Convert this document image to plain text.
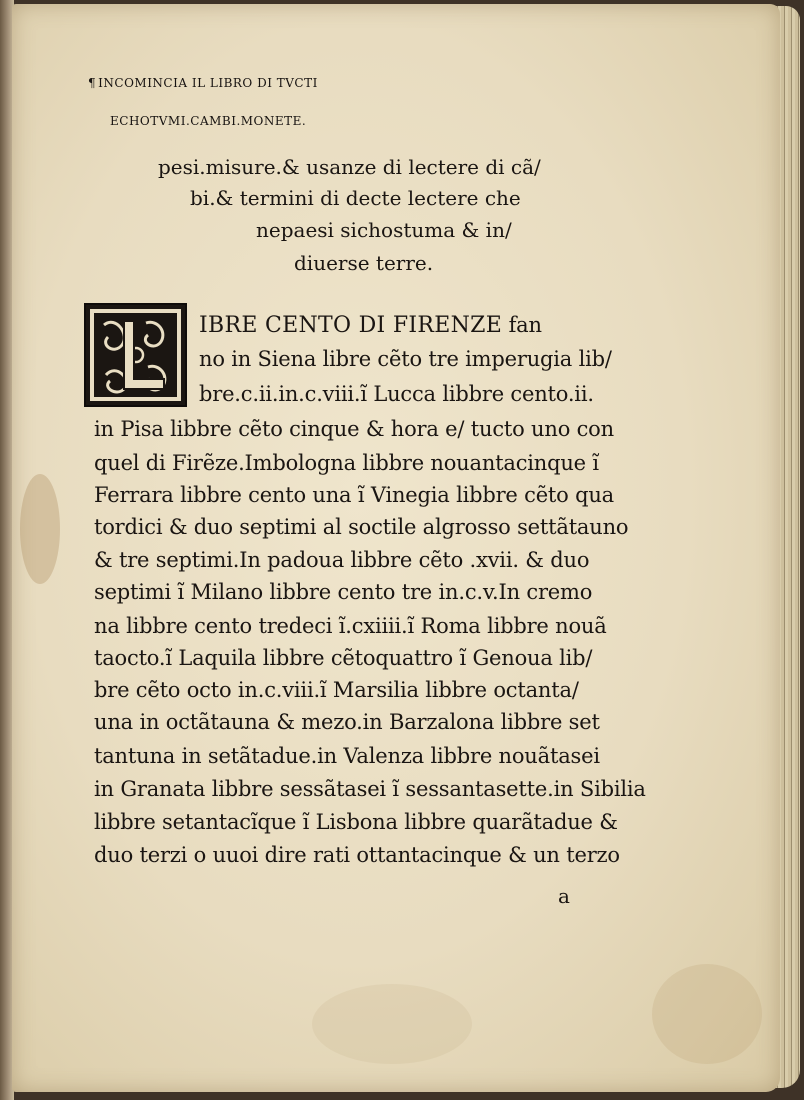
¶ INCOMINCIA IL LIBRO DI TVCTI
ECHOTVMI.CAMBI.MONETE.
pesi.misure.& usanze di lectere di cã/
bi.& termini di decte lectere che
nepaesi sichostuma & in/
diuerse terre.
L
IBRE CENTO DI FIRENZE fan
no in Siena libre cẽto tre imperugia lib/
bre.c.ii.in.c.viii.ĩ Lucca libbre cento.ii.
in Pisa libbre cẽto cinque & hora e/ tucto uno con
quel di Firẽze.Imbologna libbre nouantacinque ĩ
Ferrara libbre cento una ĩ Vinegia libbre cẽto qua
tordici & duo septimi al soctile algrosso settãtauno
& tre septimi.In padoua libbre cẽto .xvii. & duo
septimi ĩ Milano libbre cento tre in.c.v.In cremo
na libbre cento tredeci ĩ.cxiiii.ĩ Roma libbre nouã
taocto.ĩ Laquila libbre cẽtoquattro ĩ Genoua lib/
bre cẽto octo in.c.viii.ĩ Marsilia libbre octanta/
una in octãtauna & mezo.in Barzalona libbre set
tantuna in setãtadue.in Valenza libbre nouãtasei
in Granata libbre sessãtasei ĩ sessantasette.in Sibilia
libbre setantacĩque ĩ Lisbona libbre quarãtadue &
duo terzi o uuoi dire rati ottantacinque & un terzo
a
